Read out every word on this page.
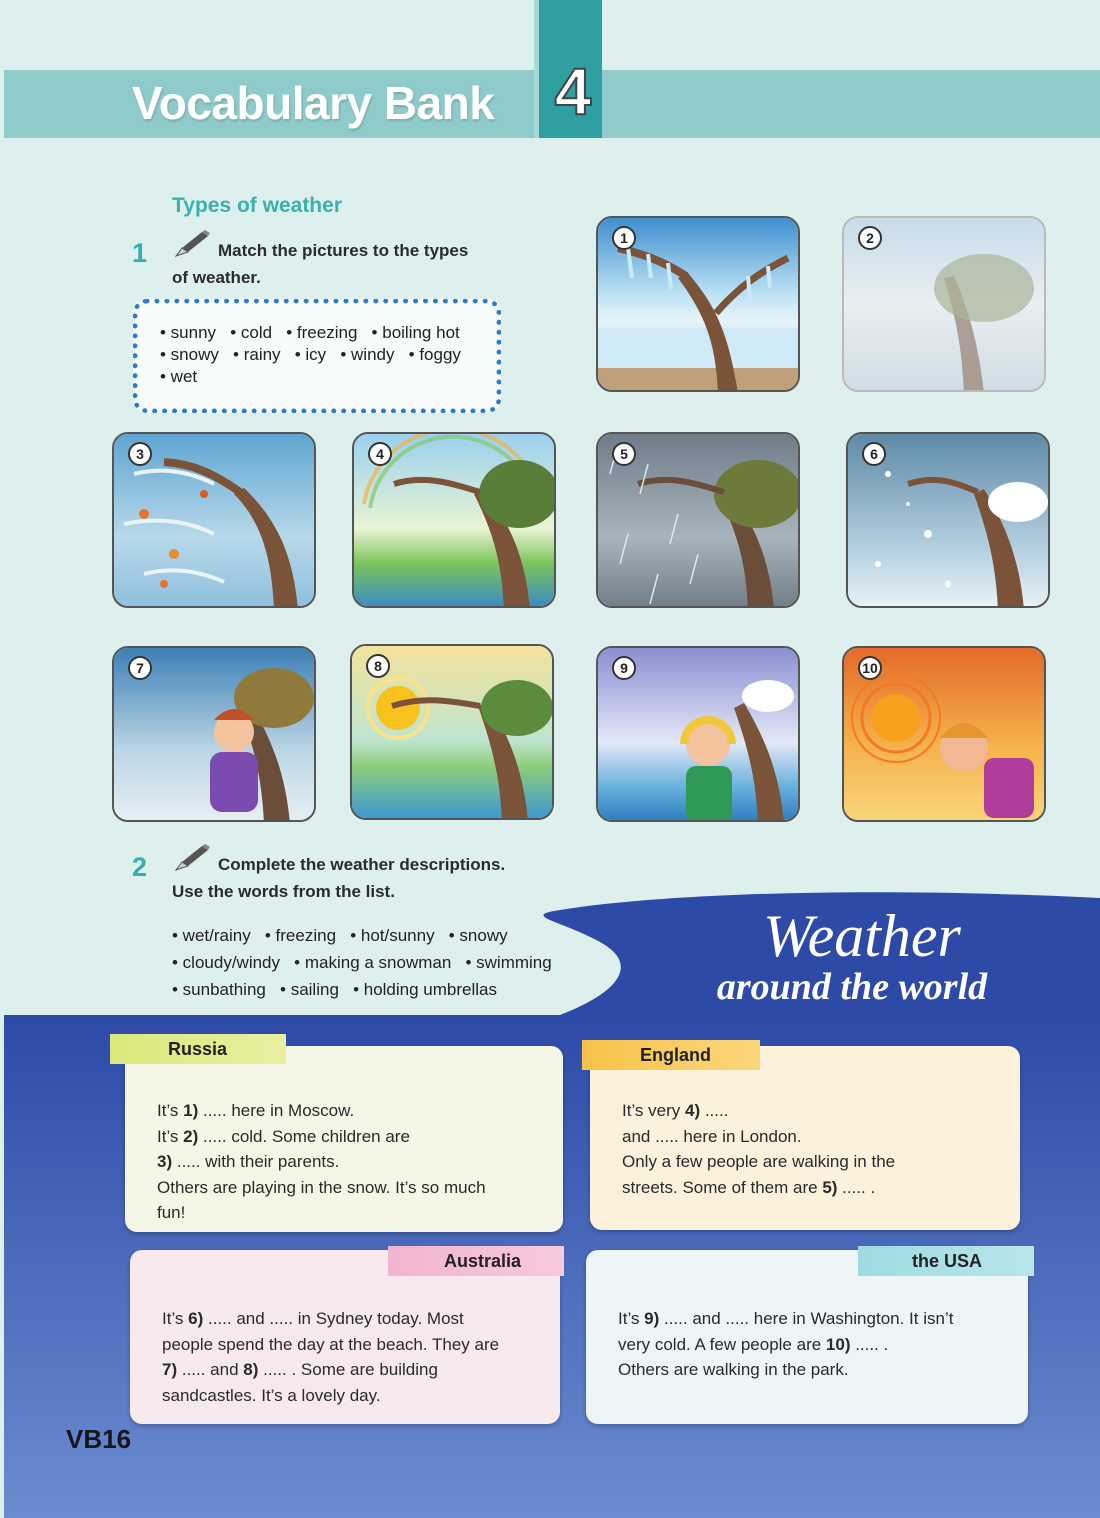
Vocabulary Bank 4
Types of weather
1	Match the pictures to the types
of weather.
• sunny   • cold   • freezing   • boiling hot
• snowy   • rainy   • icy   • windy   • foggy
• wet
1	2
3	4	5	6
7	8	9	10
2	Complete the weather descriptions.
Use the words from the list.
• wet/rainy   • freezing   • hot/sunny   • snowy
• cloudy/windy   • making a snowman   • swimming
• sunbathing   • sailing   • holding umbrellas
Weather
around the world
It’s 1) ..... here in Moscow.
It’s 2) ..... cold. Some children are
3) ..... with their parents.
Others are playing in the snow. It’s so much
fun!
Russia
It’s very 4) .....
and ..... here in London.
Only a few people are walking in the
streets. Some of them are 5) ..... .
England
It’s 6) ..... and ..... in Sydney today. Most
people spend the day at the beach. They are
7) ..... and 8) ..... . Some are building
sandcastles. It’s a lovely day.
Australia
It’s 9) ..... and ..... here in Washington. It isn’t
very cold. A few people are 10) ..... .
Others are walking in the park.
the USA
VB16
